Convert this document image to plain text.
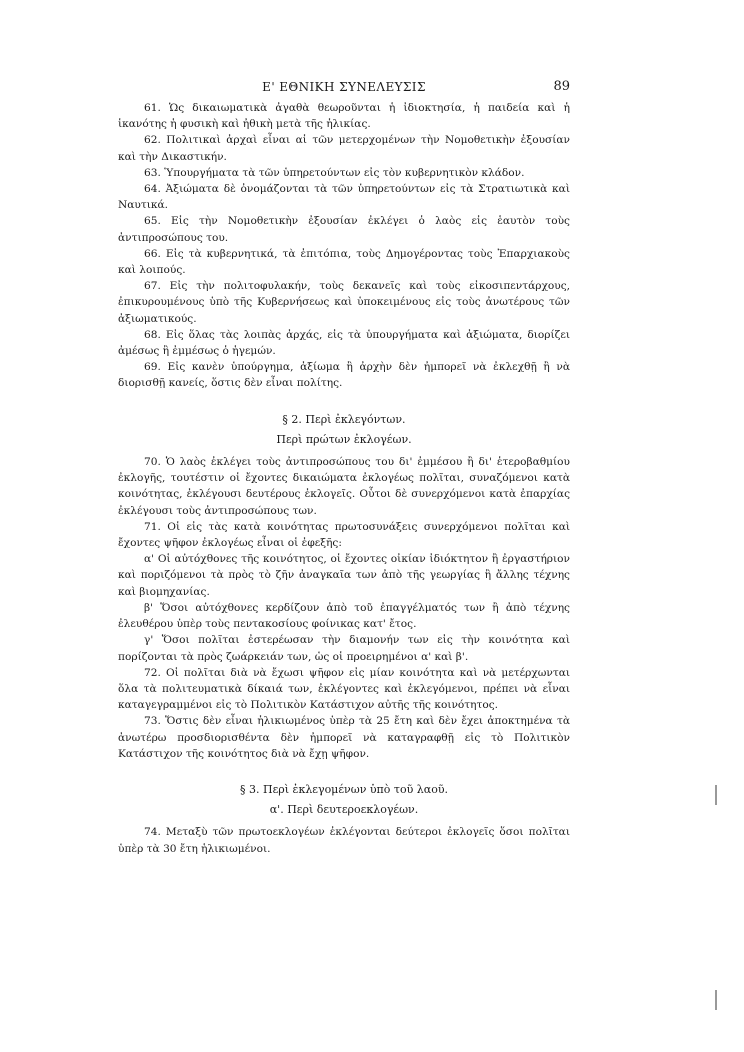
Ε' ΕΘΝΙΚΗ ΣΥΝΕΛΕΥΣΙΣ	89

61. Ὡς δικαιωματικὰ ἀγαθὰ θεωροῦνται ἡ ἰδιοκτησία, ἡ παιδεία καὶ ἡ ἱκανότης ἡ φυσικὴ καὶ ἠθικὴ μετὰ τῆς ἡλικίας.

62. Πολιτικαὶ ἀρχαὶ εἶναι αἱ τῶν μετερχομένων τὴν Νομοθετικὴν ἐξουσίαν καὶ τὴν Δικαστικήν.

63. Ὑπουργήματα τὰ τῶν ὑπηρετούντων εἰς τὸν κυβερνητικὸν κλάδον.

64. Ἀξιώματα δὲ ὀνομάζονται τὰ τῶν ὑπηρετούντων εἰς τὰ Στρατιωτικὰ καὶ Ναυτικά.

65. Εἰς τὴν Νομοθετικὴν ἐξουσίαν ἐκλέγει ὁ λαὸς εἰς ἑαυτὸν τοὺς ἀντιπροσώπους του.

66. Εἰς τὰ κυβερνητικά, τὰ ἐπιτόπια, τοὺς Δημογέροντας τοὺς Ἐπαρχιακοὺς καὶ λοιπούς.

67. Εἰς τὴν πολιτοφυλακήν, τοὺς δεκανεῖς καὶ τοὺς εἰκοσιπεντάρχους, ἐπικυρουμένους ὑπὸ τῆς Κυβερνήσεως καὶ ὑποκειμένους εἰς τοὺς ἀνωτέρους τῶν ἀξιωματικούς.

68. Εἰς ὅλας τὰς λοιπὰς ἀρχάς, εἰς τὰ ὑπουργήματα καὶ ἀξιώματα, διορίζει ἀμέσως ἢ ἐμμέσως ὁ ἡγεμών.

69. Εἰς κανὲν ὑπούργημα, ἀξίωμα ἢ ἀρχὴν δὲν ἠμπορεῖ νὰ ἐκλεχθῇ ἢ νὰ διορισθῇ κανείς, ὅστις δὲν εἶναι πολίτης.

§ 2. Περὶ ἐκλεγόντων.

Περὶ πρώτων ἐκλογέων.

70. Ὁ λαὸς ἐκλέγει τοὺς ἀντιπροσώπους του δι' ἐμμέσου ἢ δι' ἑτεροβαθμίου ἐκλογῆς, τουτέστιν οἱ ἔχοντες δικαιώματα ἐκλογέως πολῖται, συναζόμενοι κατὰ κοινότητας, ἐκλέγουσι δευτέρους ἐκλογεῖς. Οὗτοι δὲ συνερχόμενοι κατὰ ἐπαρχίας ἐκλέγουσι τοὺς ἀντιπροσώπους των.

71. Οἱ εἰς τὰς κατὰ κοινότητας πρωτοσυνάξεις συνερχόμενοι πολῖται καὶ ἔχοντες ψῆφον ἐκλογέως εἶναι οἱ ἐφεξῆς:

α' Οἱ αὐτόχθονες τῆς κοινότητος, οἱ ἔχοντες οἰκίαν ἰδιόκτητον ἢ ἐργαστήριον καὶ ποριζόμενοι τὰ πρὸς τὸ ζῆν ἀναγκαῖα των ἀπὸ τῆς γεωργίας ἢ ἄλλης τέχνης καὶ βιομηχανίας.

β' Ὅσοι αὐτόχθονες κερδίζουν ἀπὸ τοῦ ἐπαγγέλματός των ἢ ἀπὸ τέχνης ἐλευθέρου ὑπὲρ τοὺς πεντακοσίους φοίνικας κατ' ἔτος.

γ' Ὅσοι πολῖται ἐστερέωσαν τὴν διαμονήν των εἰς τὴν κοινότητα καὶ πορίζονται τὰ πρὸς ζωάρκειάν των, ὡς οἱ προειρημένοι α' καὶ β'.

72. Οἱ πολῖται διὰ νὰ ἔχωσι ψῆφον εἰς μίαν κοινότητα καὶ νὰ μετέρχωνται ὅλα τὰ πολιτευματικὰ δίκαιά των, ἐκλέγοντες καὶ ἐκλεγόμενοι, πρέπει νὰ εἶναι καταγεγραμμένοι εἰς τὸ Πολιτικὸν Κατάστιχον αὐτῆς τῆς κοινότητος.

73. Ὅστις δὲν εἶναι ἡλικιωμένος ὑπὲρ τὰ 25 ἔτη καὶ δὲν ἔχει ἀποκτημένα τὰ ἀνωτέρω προσδιορισθέντα δὲν ἠμπορεῖ νὰ καταγραφθῇ εἰς τὸ Πολιτικὸν Κατάστιχον τῆς κοινότητος διὰ νὰ ἔχῃ ψῆφον.

§ 3. Περὶ ἐκλεγομένων ὑπὸ τοῦ λαοῦ.

α'. Περὶ δευτεροεκλογέων.

74. Μεταξὺ τῶν πρωτοεκλογέων ἐκλέγονται δεύτεροι ἐκλογεῖς ὅσοι πολῖται ὑπὲρ τὰ 30 ἔτη ἡλικιωμένοι.
